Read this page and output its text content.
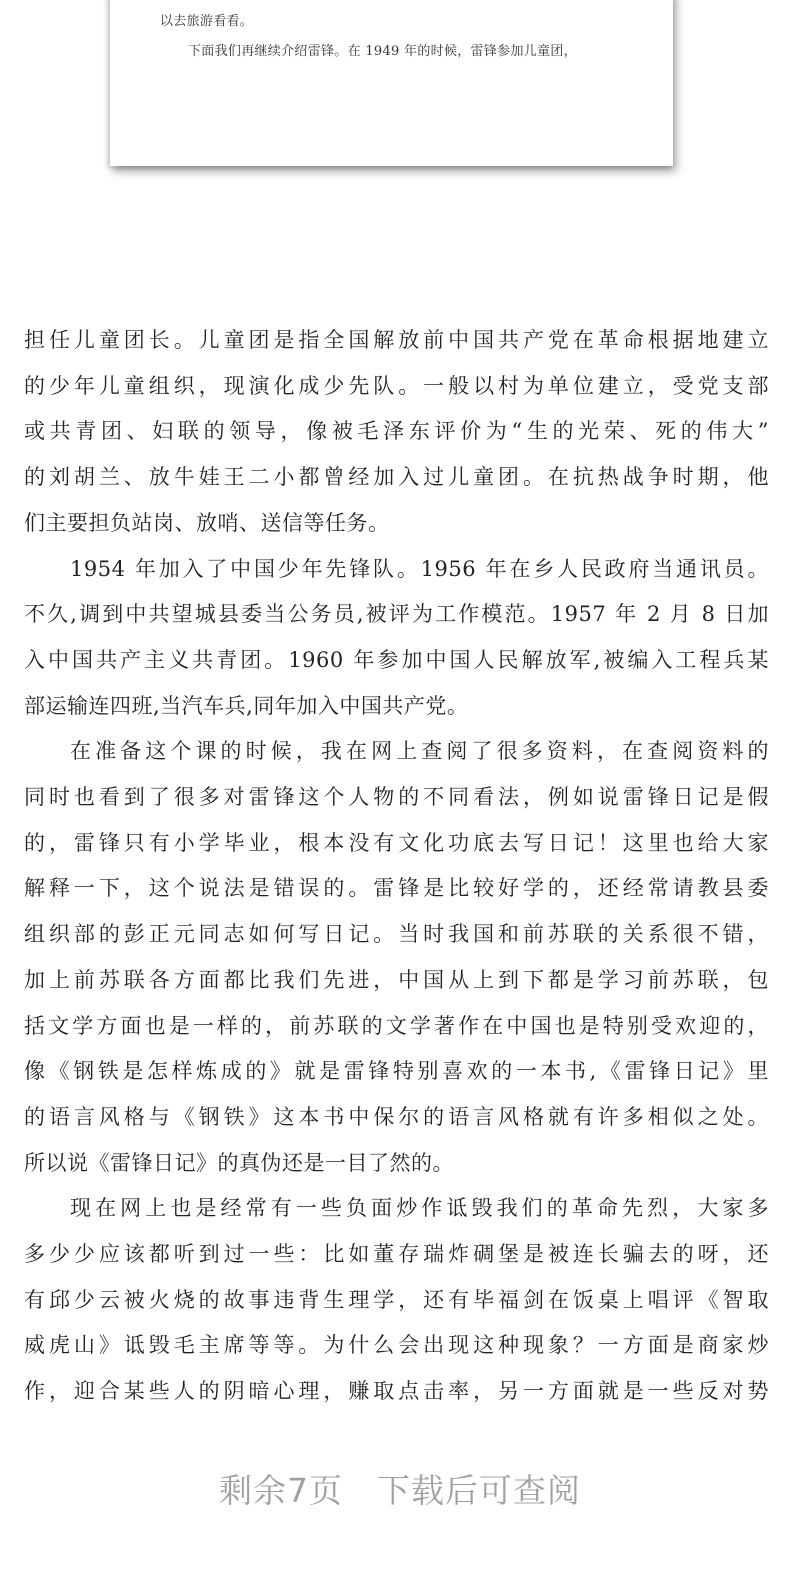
以去旅游看看。
下面我们再继续介绍雷锋。在 1949 年的时候，雷锋参加儿童团，

担任儿童团长。儿童团是指全国解放前中国共产党在革命根据地建立
的少年儿童组织，现演化成少先队。一般以村为单位建立，受党支部
或共青团、妇联的领导，像被毛泽东评价为“生的光荣、死的伟大”
的刘胡兰、放牛娃王二小都曾经加入过儿童团。在抗热战争时期，他
们主要担负站岗、放哨、送信等任务。

1954 年加入了中国少年先锋队。1956 年在乡人民政府当通讯员。
不久,调到中共望城县委当公务员,被评为工作模范。1957 年 2 月 8 日加
入中国共产主义共青团。1960 年参加中国人民解放军,被编入工程兵某
部运输连四班,当汽车兵,同年加入中国共产党。

在准备这个课的时候，我在网上查阅了很多资料，在查阅资料的
同时也看到了很多对雷锋这个人物的不同看法，例如说雷锋日记是假
的，雷锋只有小学毕业，根本没有文化功底去写日记！这里也给大家
解释一下，这个说法是错误的。雷锋是比较好学的，还经常请教县委
组织部的彭正元同志如何写日记。当时我国和前苏联的关系很不错，
加上前苏联各方面都比我们先进，中国从上到下都是学习前苏联，包
括文学方面也是一样的，前苏联的文学著作在中国也是特别受欢迎的，
像《钢铁是怎样炼成的》就是雷锋特别喜欢的一本书,《雷锋日记》里
的语言风格与《钢铁》这本书中保尔的语言风格就有许多相似之处。
所以说《雷锋日记》的真伪还是一目了然的。

现在网上也是经常有一些负面炒作诋毁我们的革命先烈，大家多
多少少应该都听到过一些：比如董存瑞炸碉堡是被连长骗去的呀，还
有邱少云被火烧的故事违背生理学，还有毕福剑在饭桌上唱评《智取
威虎山》诋毁毛主席等等。为什么会出现这种现象？一方面是商家炒
作，迎合某些人的阴暗心理，赚取点击率，另一方面就是一些反对势

剩余7页 下载后可查阅
